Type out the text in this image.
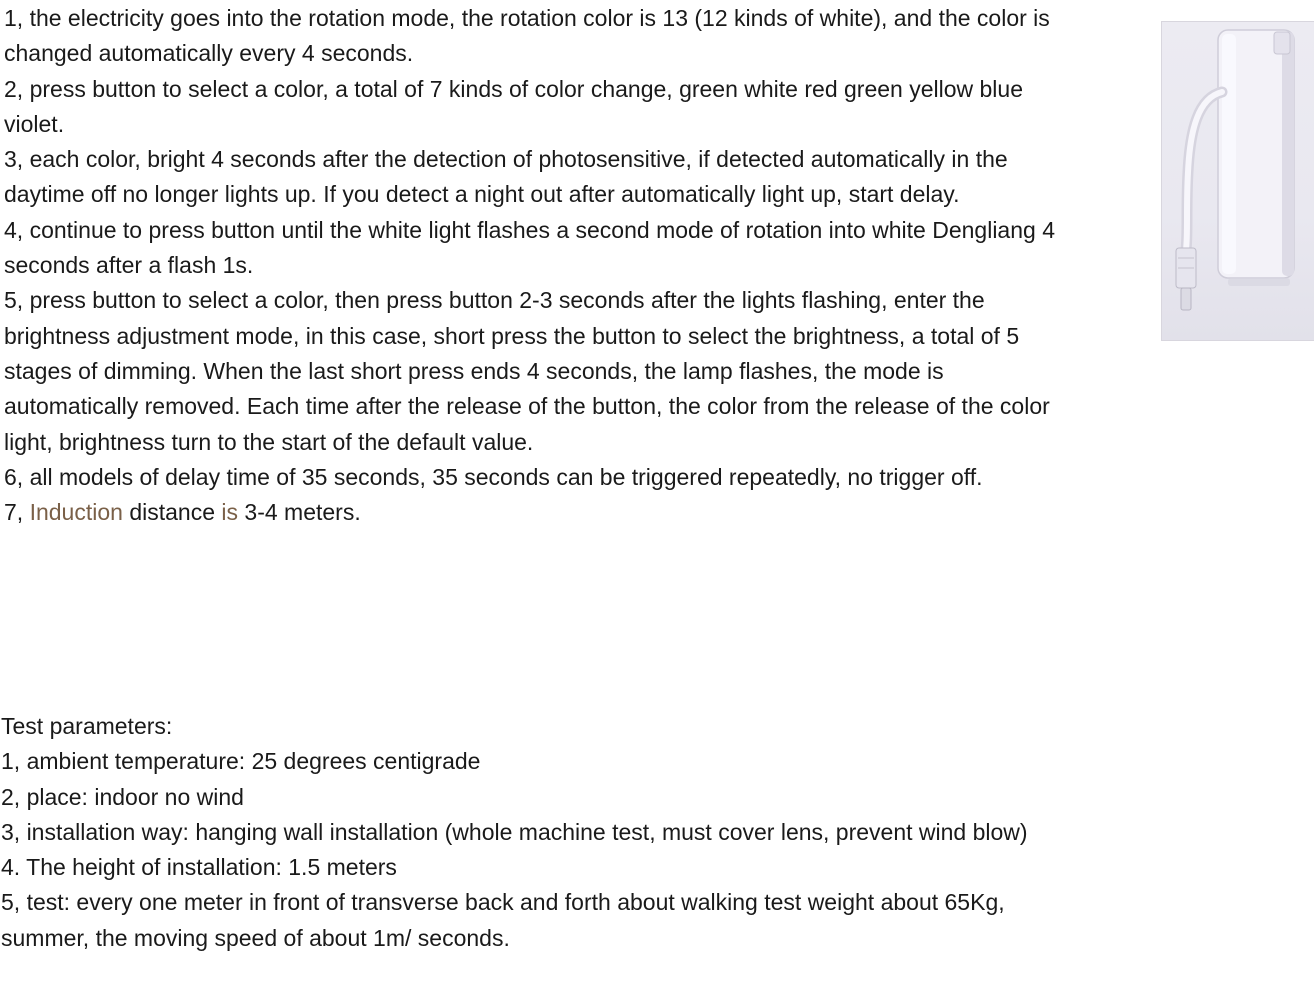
1, the electricity goes into the rotation mode, the rotation color is 13 (12 kinds of white), and the color is changed automatically every 4 seconds.
2, press button to select a color, a total of 7 kinds of color change, green white red green yellow blue violet.
3, each color, bright 4 seconds after the detection of photosensitive, if detected automatically in the daytime off no longer lights up. If you detect a night out after automatically light up, start delay.
4, continue to press button until the white light flashes a second mode of rotation into white Dengliang 4 seconds after a flash 1s.
5, press button to select a color, then press button 2-3 seconds after the lights flashing, enter the brightness adjustment mode, in this case, short press the button to select the brightness, a total of 5 stages of dimming. When the last short press ends 4 seconds, the lamp flashes, the mode is automatically removed. Each time after the release of the button, the color from the release of the color light, brightness turn to the start of the default value.
6, all models of delay time of 35 seconds, 35 seconds can be triggered repeatedly, no trigger off.
7, Induction distance is 3-4 meters.
Test parameters:
1, ambient temperature: 25 degrees centigrade
2, place: indoor no wind
3, installation way: hanging wall installation (whole machine test, must cover lens, prevent wind blow)
4. The height of installation: 1.5 meters
5, test: every one meter in front of transverse back and forth about walking test weight about 65Kg, summer, the moving speed of about 1m/ seconds.
